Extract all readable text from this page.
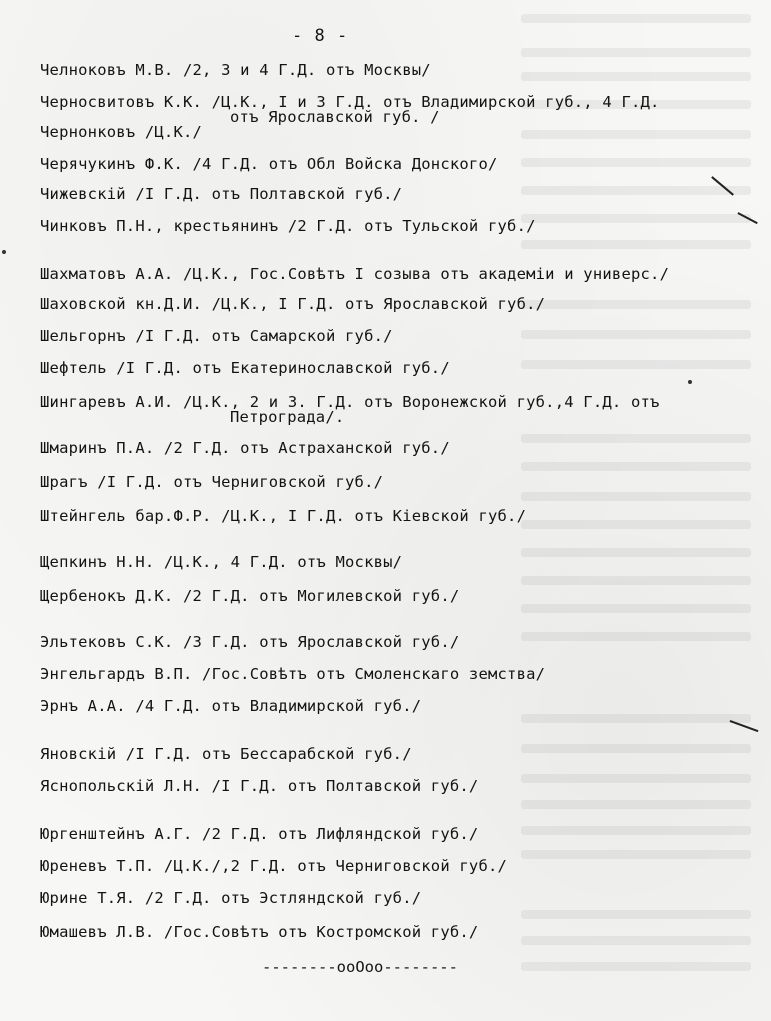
- 8 -
Челноковъ М.В. /2, 3 и 4 Г.Д. отъ Москвы/
Черносвитовъ К.К. /Ц.К., I и 3 Г.Д. отъ Владимирской губ., 4 Г.Д.
отъ Ярославской губ. /
Чернонковъ /Ц.К./
Черячукинъ Ф.К. /4 Г.Д. отъ Обл Войска Донского/
Чижевскій /I Г.Д. отъ Полтавской губ./
Чинковъ П.Н., крестьянинъ /2 Г.Д. отъ Тульской губ./
Шахматовъ А.А. /Ц.К., Гос.Совѣтъ I созыва отъ академіи и универс./
Шаховской кн.Д.И. /Ц.К., I Г.Д. отъ Ярославской губ./
Шельгорнъ /I Г.Д. отъ Самарской губ./
Шефтель /I Г.Д. отъ Екатеринославской губ./
Шингаревъ А.И. /Ц.К., 2 и 3. Г.Д. отъ Воронежской губ.,4 Г.Д. отъ
Петрограда/.
Шмаринъ П.А. /2 Г.Д. отъ Астраханской губ./
Шрагъ /I Г.Д. отъ Черниговской губ./
Штейнгель бар.Ф.Р. /Ц.К., I Г.Д. отъ Кіевской губ./
Щепкинъ Н.Н. /Ц.К., 4 Г.Д. отъ Москвы/
Щербенокъ Д.К. /2 Г.Д. отъ Могилевской губ./
Эльтековъ С.К. /3 Г.Д. отъ Ярославской губ./
Энгельгардъ В.П. /Гос.Совѣтъ отъ Смоленскаго земства/
Эрнъ А.А. /4 Г.Д. отъ Владимирской губ./
Яновскій /I Г.Д. отъ Бессарабской губ./
Яснопольскій Л.Н. /I Г.Д. отъ Полтавской губ./
Юргенштейнъ А.Г. /2 Г.Д. отъ Лифляндской губ./
Юреневъ Т.П. /Ц.К./,2 Г.Д. отъ Черниговской губ./
Юрине Т.Я. /2 Г.Д. отъ Эстляндской губ./
Юмашевъ Л.В. /Гос.Совѣтъ отъ Костромской губ./
--------ooOoo--------
